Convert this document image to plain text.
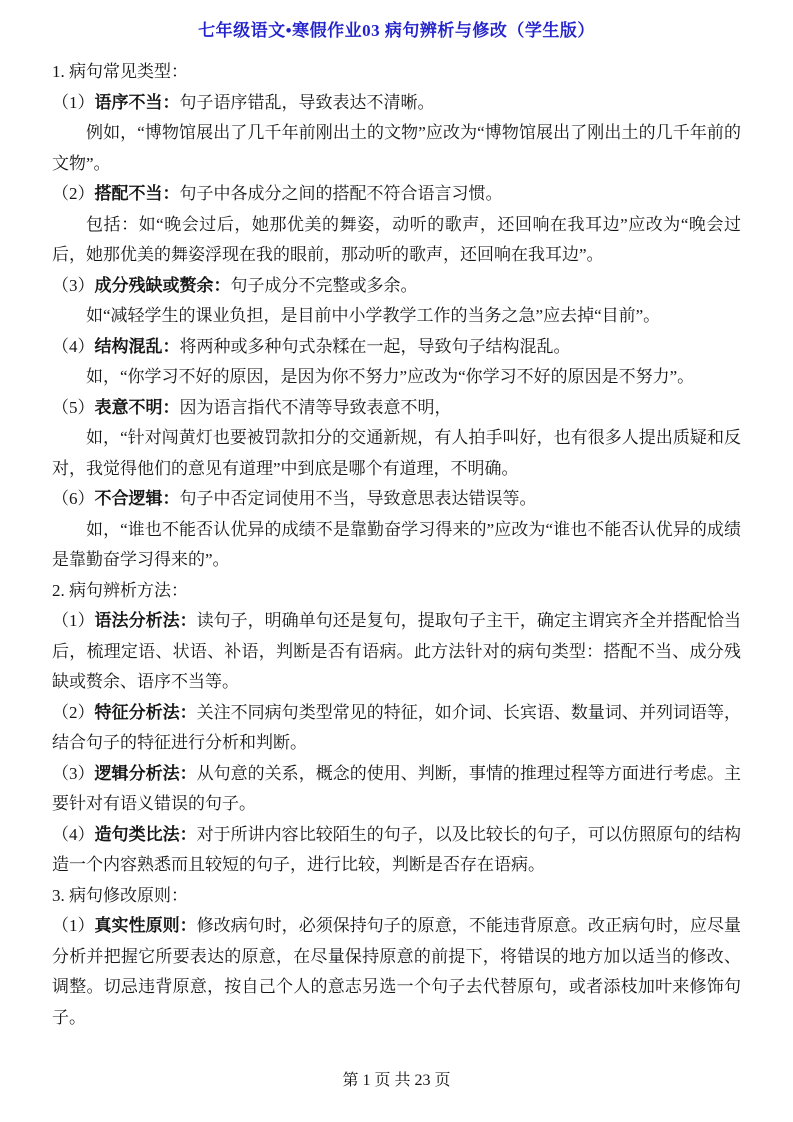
七年级语文•寒假作业03 病句辨析与修改（学生版）

1. 病句常见类型：

（1）语序不当：句子语序错乱，导致表达不清晰。

例如，“博物馆展出了几千年前刚出土的文物”应改为“博物馆展出了刚出土的几千年前的文物”。

（2）搭配不当：句子中各成分之间的搭配不符合语言习惯。

包括：如“晚会过后，她那优美的舞姿，动听的歌声，还回响在我耳边”应改为“晚会过后，她那优美的舞姿浮现在我的眼前，那动听的歌声，还回响在我耳边”。

（3）成分残缺或赘余：句子成分不完整或多余。

如“减轻学生的课业负担，是目前中小学教学工作的当务之急”应去掉“目前”。

（4）结构混乱：将两种或多种句式杂糅在一起，导致句子结构混乱。

如，“你学习不好的原因，是因为你不努力”应改为“你学习不好的原因是不努力”。

（5）表意不明：因为语言指代不清等导致表意不明，

如，“针对闯黄灯也要被罚款扣分的交通新规，有人拍手叫好，也有很多人提出质疑和反对，我觉得他们的意见有道理”中到底是哪个有道理，不明确。

（6）不合逻辑：句子中否定词使用不当，导致意思表达错误等。

如，“谁也不能否认优异的成绩不是靠勤奋学习得来的”应改为“谁也不能否认优异的成绩是靠勤奋学习得来的”。

2. 病句辨析方法：

（1）语法分析法：读句子，明确单句还是复句，提取句子主干，确定主谓宾齐全并搭配恰当后，梳理定语、状语、补语，判断是否有语病。此方法针对的病句类型：搭配不当、成分残缺或赘余、语序不当等。

（2）特征分析法：关注不同病句类型常见的特征，如介词、长宾语、数量词、并列词语等，结合句子的特征进行分析和判断。

（3）逻辑分析法：从句意的关系，概念的使用、判断，事情的推理过程等方面进行考虑。主要针对有语义错误的句子。

（4）造句类比法：对于所讲内容比较陌生的句子，以及比较长的句子，可以仿照原句的结构造一个内容熟悉而且较短的句子，进行比较，判断是否存在语病。

3. 病句修改原则：

（1）真实性原则：修改病句时，必须保持句子的原意，不能违背原意。改正病句时，应尽量分析并把握它所要表达的原意，在尽量保持原意的前提下，将错误的地方加以适当的修改、调整。切忌违背原意，按自己个人的意志另选一个句子去代替原句，或者添枝加叶来修饰句子。

第 1 页 共 23 页
